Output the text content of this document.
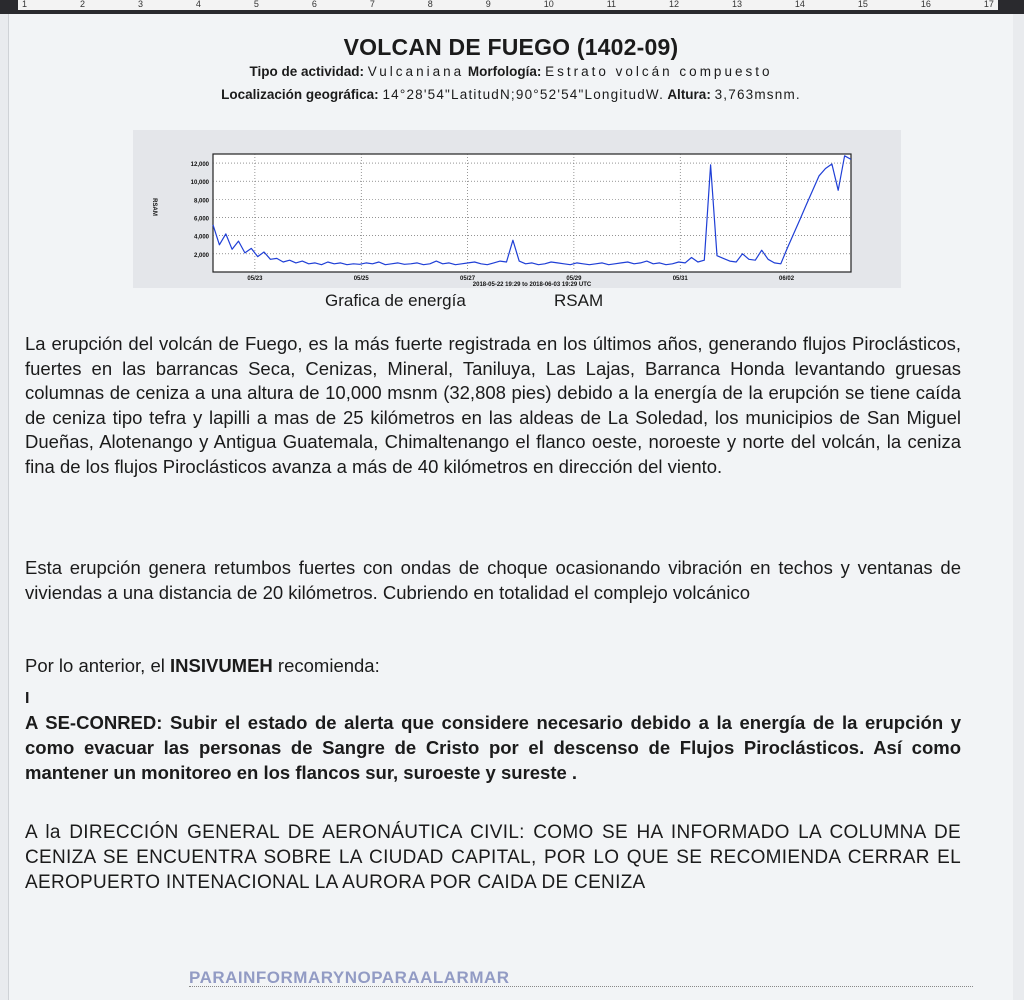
1	2	3	4	5	6	7	8	9	10	11	12	13	14	15	16	17
VOLCAN DE FUEGO (1402-09)
Tipo de actividad: Vulcaniana Morfología: Estrato volcán compuesto
Localización geográfica: 14°28'54"LatitudN;90°52'54"LongitudW. Altura: 3,763msnm.
2,000
4,000
6,000
8,000
10,000
12,000
05/23	05/25	05/27	05/29	05/31	06/02
2018-05-22 19:29 to 2018-06-03 19:29 UTC
RSAM
Grafica de energía	RSAM
La erupción del volcán de Fuego, es la más fuerte registrada en los últimos años, generando flujos Piroclásticos, fuertes en las barrancas Seca, Cenizas, Mineral, Taniluya, Las Lajas, Barranca Honda levantando gruesas columnas de ceniza a una altura de 10,000 msnm (32,808 pies) debido a la energía de la erupción se tiene caída de ceniza tipo tefra y lapilli a mas de 25 kilómetros en las aldeas de La Soledad, los municipios de San Miguel Dueñas, Alotenango y Antigua Guatemala, Chimaltenango el flanco oeste, noroeste y norte del volcán, la ceniza fina de los flujos Piroclásticos avanza a más de 40 kilómetros en dirección del viento.
Esta erupción genera retumbos fuertes con ondas de choque ocasionando vibración en techos y ventanas de viviendas a una distancia de 20 kilómetros. Cubriendo en totalidad el complejo volcánico
Por lo anterior, el INSIVUMEH recomienda:
I
A SE-CONRED: Subir el estado de alerta que considere necesario debido a la energía de la erupción y como evacuar las personas de Sangre de Cristo por el descenso de Flujos Piroclásticos. Así como mantener un monitoreo en los flancos sur, suroeste y sureste .
A la DIRECCIÓN GENERAL DE AERONÁUTICA CIVIL: COMO SE HA INFORMADO LA COLUMNA DE CENIZA SE ENCUENTRA SOBRE LA CIUDAD CAPITAL, POR LO QUE SE RECOMIENDA CERRAR EL AEROPUERTO INTENACIONAL LA AURORA POR CAIDA DE CENIZA
PARAINFORMARYNOPARAALARMAR
